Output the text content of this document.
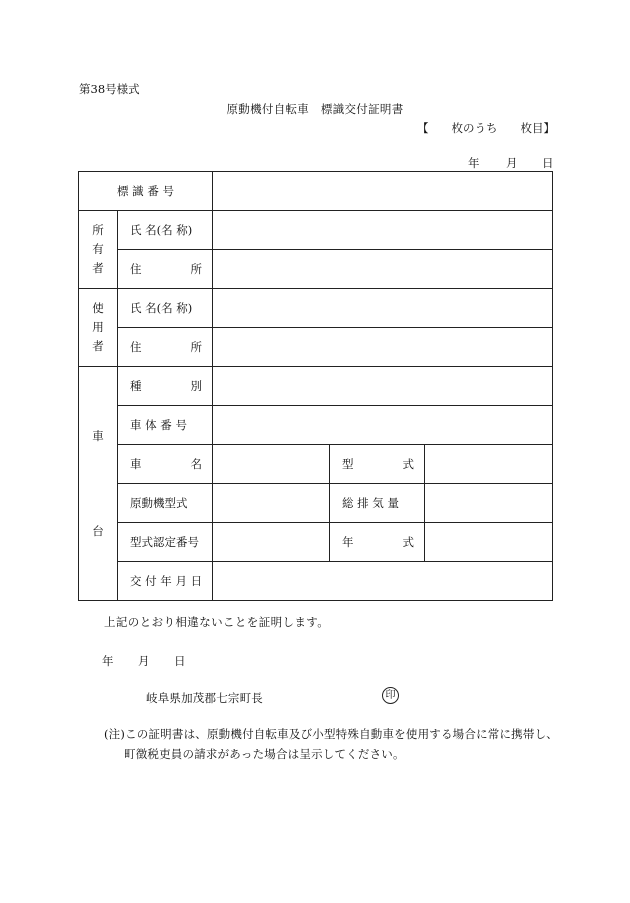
第38号様式
原動機付自転車　標識交付証明書
【　　枚のうち　　枚目】
年 月 日
標 識 番 号				
所
有
者	氏 名(名 称)			

	住 所			

使
用
者	氏 名(名 称)			

	住 所			

車
台	種 別			

	車 体 番 号			

	車 名		型 式	

	原動機型式		総 排 気 量	
	型式認定番号		年 式	

	交 付 年 月 日			
上記のとおり相違ないことを証明します。
年 月 日
岐阜県加茂郡七宗町長	印
(注)この証明書は、原動機付自転車及び小型特殊自動車を使用する場合に常に携帯し、
町徴税吏員の請求があった場合は呈示してください。
